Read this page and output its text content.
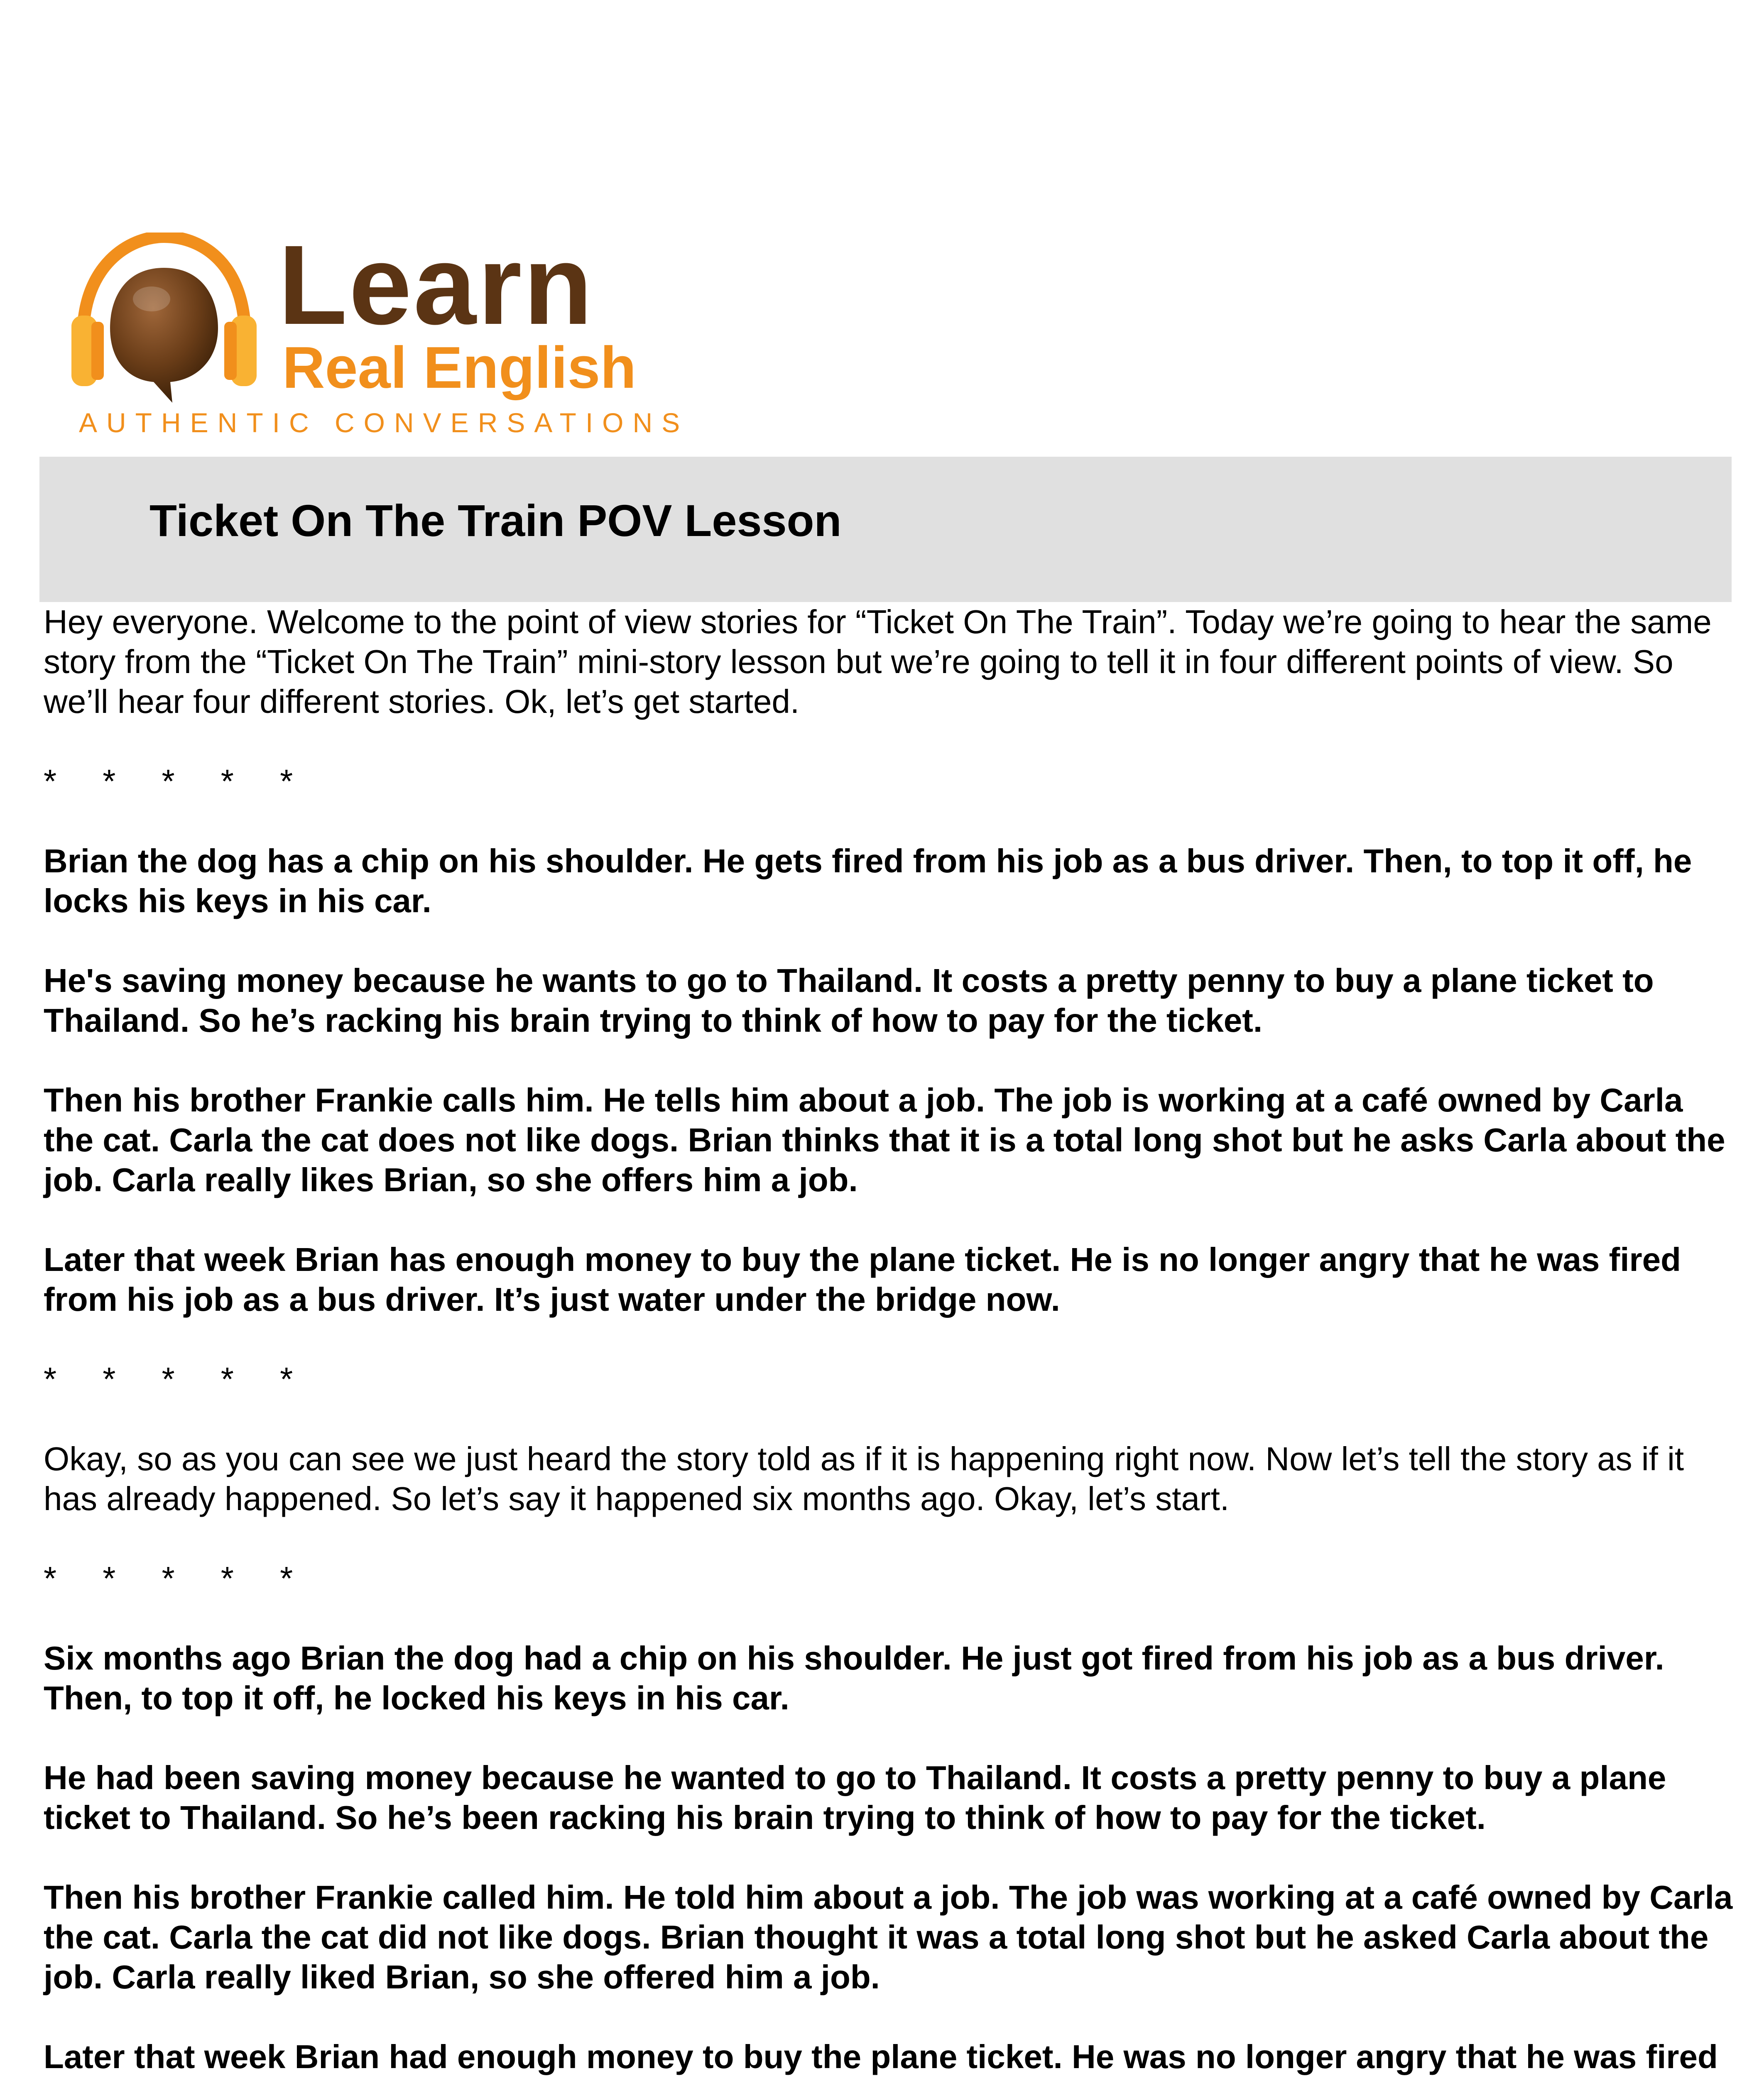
Learn
Real English
AUTHENTIC CONVERSATIONS
Ticket On The Train POV Lesson

Hey everyone. Welcome to the point of view stories for “Ticket On The Train”. Today we’re going to hear the same story from the “Ticket On The Train” mini-story lesson but we’re going to tell it in four different points of view. So we’ll hear four different stories. Ok, let’s get started.

*     *     *     *     *

Brian the dog has a chip on his shoulder. He gets fired from his job as a bus driver. Then, to top it off, he locks his keys in his car.

He's saving money because he wants to go to Thailand. It costs a pretty penny to buy a plane ticket to Thailand. So he’s racking his brain trying to think of how to pay for the ticket.

Then his brother Frankie calls him. He tells him about a job. The job is working at a café owned by Carla the cat. Carla the cat does not like dogs. Brian thinks that it is a total long shot but he asks Carla about the job. Carla really likes Brian, so she offers him a job.

Later that week Brian has enough money to buy the plane ticket. He is no longer angry that he was fired from his job as a bus driver. It’s just water under the bridge now.

*     *     *     *     *

Okay, so as you can see we just heard the story told as if it is happening right now. Now let’s tell the story as if it has already happened. So let’s say it happened six months ago. Okay, let’s start.

*     *     *     *     *

Six months ago Brian the dog had a chip on his shoulder. He just got fired from his job as a bus driver. Then, to top it off, he locked his keys in his car.

He had been saving money because he wanted to go to Thailand. It costs a pretty penny to buy a plane ticket to Thailand. So he’s been racking his brain trying to think of how to pay for the ticket.

Then his brother Frankie called him. He told him about a job. The job was working at a café owned by Carla the cat. Carla the cat did not like dogs. Brian thought it was a total long shot but he asked Carla about the job. Carla really liked Brian, so she offered him a job.

Later that week Brian had enough money to buy the plane ticket. He was no longer angry that he was fired
